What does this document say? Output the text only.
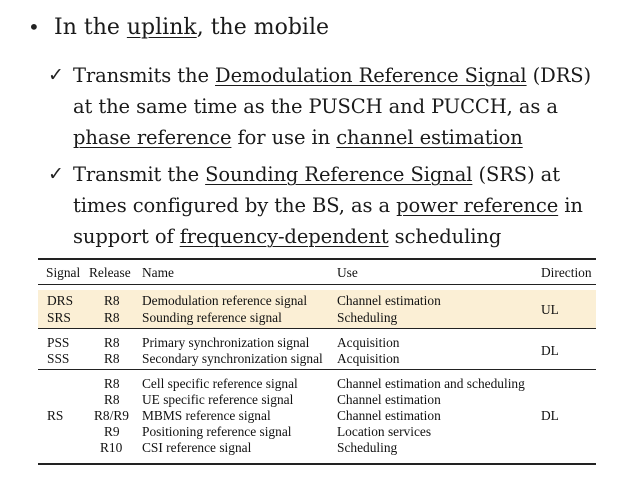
• In the uplink, the mobile
✓ Transmits the Demodulation Reference Signal (DRS)
at the same time as the PUSCH and PUCCH, as a
phase reference for use in channel estimation
✓ Transmit the Sounding Reference Signal (SRS) at
times configured by the BS, as a power reference in
support of frequency-dependent scheduling
Signal Release Name	Use	Direction
DRS
SRS
R8
R8
Demodulation reference signal
Sounding reference signal
Channel estimation
Scheduling
UL
PSS
SSS
R8
R8
Primary synchronization signal
Secondary synchronization signal
Acquisition
Acquisition
DL
RS
R8
R8
R8/R9
R9
R10
Cell specific reference signal
UE specific reference signal
MBMS reference signal
Positioning reference signal
CSI reference signal
Channel estimation and scheduling
Channel estimation
Channel estimation
Location services
Scheduling
DL
